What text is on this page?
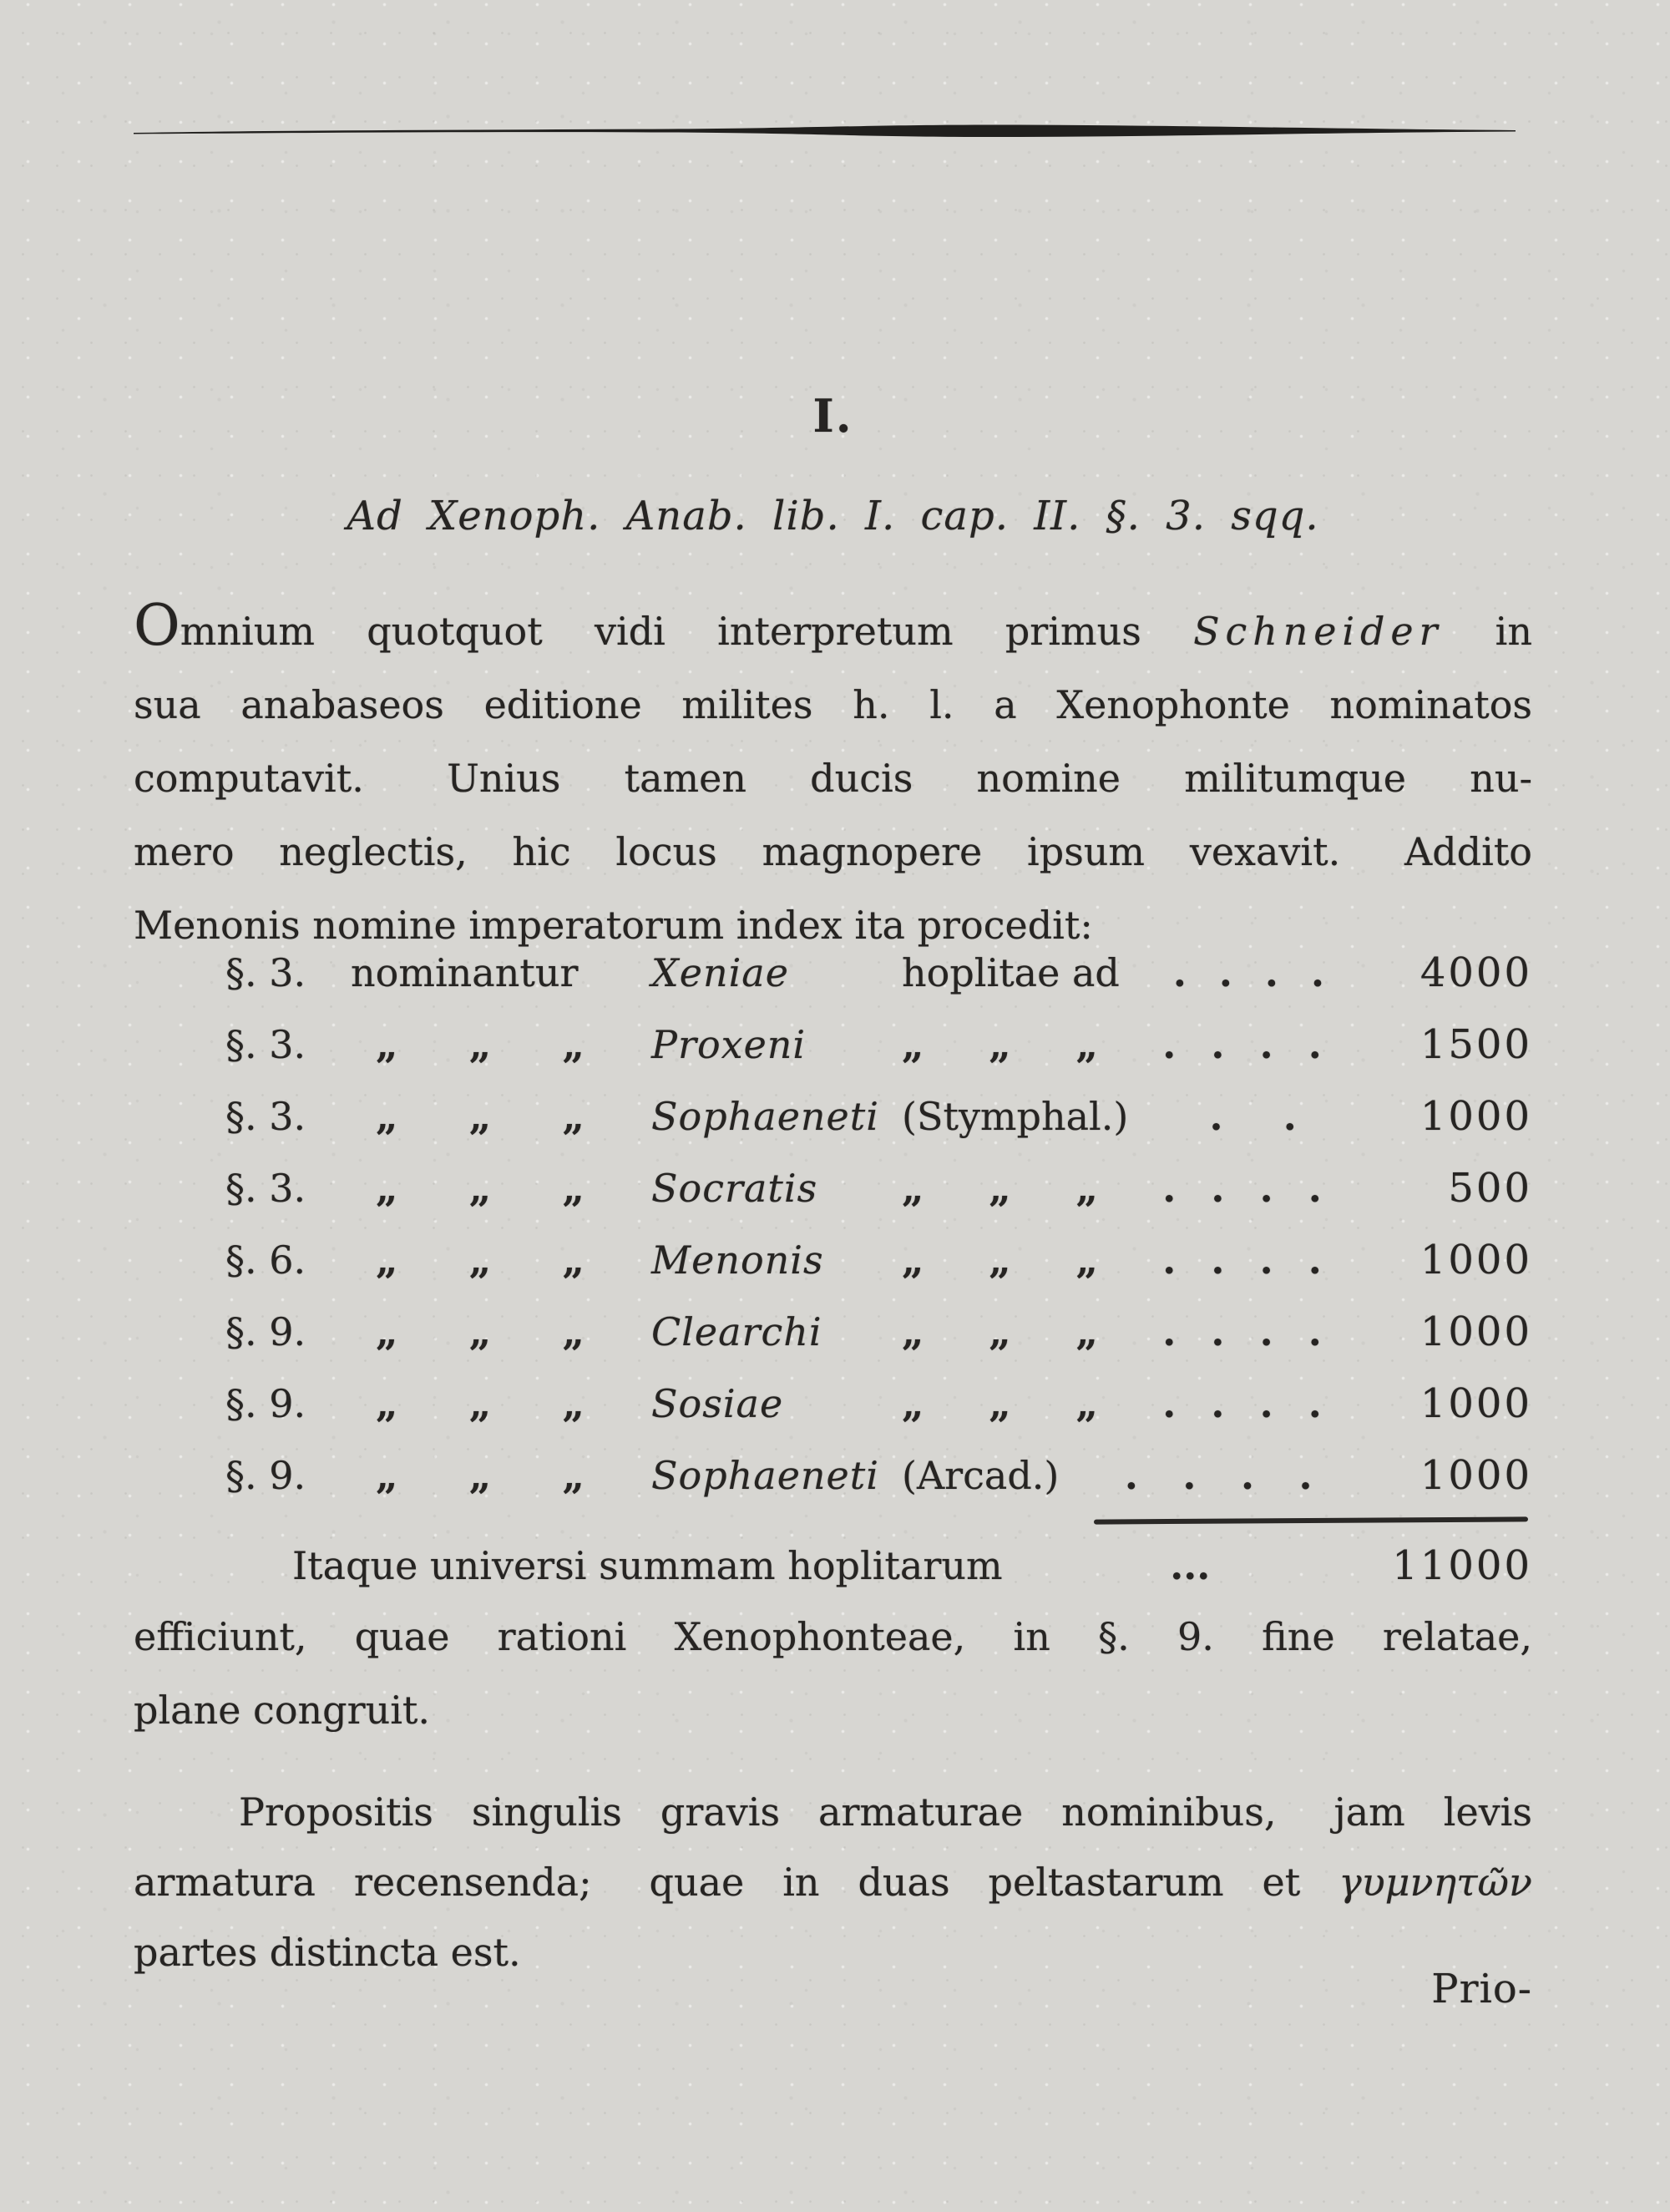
I.
Ad Xenoph. Anab. lib. I. cap. II. §. 3. sqq.
Omnium quotquot vidi interpretum primus Schneider in
sua anabaseos editione milites h. l. a Xenophonte nominatos
computavit.  Unius tamen ducis nomine militumque nu-
mero neglectis, hic locus magnopere ipsum vexavit.  Addito
Menonis nomine imperatorum index ita procedit:
§. 3.	nominantur	Xeniae	hoplitae ad . . . .	4000
§. 3.	„ „ „ Proxeni	„ „ „ . . . .	1500
§. 3.	„ „ „ Sophaeneti (Stymphal.) . .	1000
§. 3.	„ „ „ Socratis	„ „ „ . . . .	500
§. 6.	„ „ „ Menonis	„ „ „ . . . .	1000
§. 9.	„ „ „ Clearchi	„ „ „ . . . .	1000
§. 9.	„ „ „ Sosiae	„ „ „ . . . .	1000
§. 9.	„ „ „ Sophaeneti (Arcad.) . . . .	1000
Itaque universi summam hoplitarum	...	11000
efficiunt, quae rationi Xenophonteae, in §. 9. fine relatae,
plane congruit.
Propositis singulis gravis armaturae nominibus,  jam levis
armatura recensenda;  quae in duas peltastarum et γυμνητῶν
partes distincta est.
Prio-
